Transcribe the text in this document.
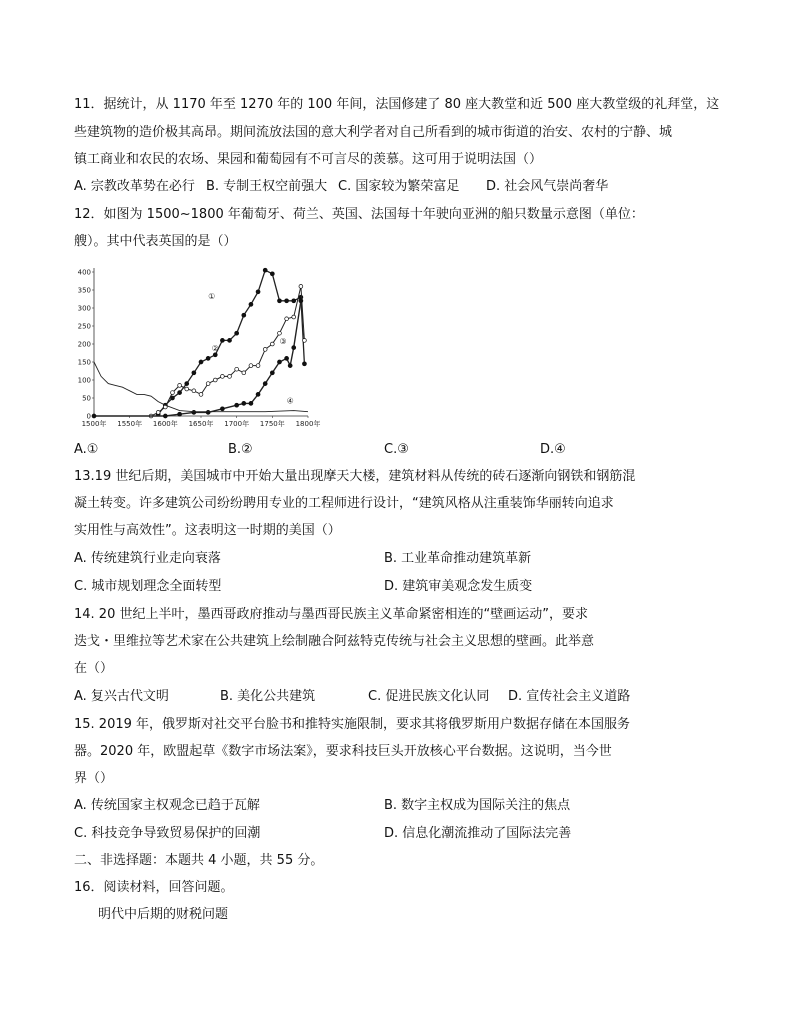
11．据统计，从 1170 年至 1270 年的 100 年间，法国修建了 80 座大教堂和近 500 座大教堂级的礼拜堂，这
些建筑物的造价极其高昂。期间流放法国的意大利学者对自己所看到的城市街道的治安、农村的宁静、城
镇工商业和农民的农场、果园和葡萄园有不可言尽的羡慕。这可用于说明法国（）
A. 宗教改革势在必行 B. 专制王权空前强大 C. 国家较为繁荣富足 D. 社会风气崇尚奢华
12．如图为 1500~1800 年葡萄牙、荷兰、英国、法国每十年驶向亚洲的船只数量示意图（单位：
艘）。其中代表英国的是（）
0
50
100
150
200
250
300
350
400
1500年 1550年 1600年 1650年 1700年 1750年 1800年
①
②
③
④
A.①	B.②	C.③	D.④
13.19 世纪后期，美国城市中开始大量出现摩天大楼，建筑材料从传统的砖石逐渐向钢铁和钢筋混
凝土转变。许多建筑公司纷纷聘用专业的工程师进行设计，“建筑风格从注重装饰华丽转向追求
实用性与高效性”。这表明这一时期的美国（）
A. 传统建筑行业走向衰落	B. 工业革命推动建筑革新
C. 城市规划理念全面转型	D. 建筑审美观念发生质变
14. 20 世纪上半叶，墨西哥政府推动与墨西哥民族主义革命紧密相连的“壁画运动”，要求
迭戈・里维拉等艺术家在公共建筑上绘制融合阿兹特克传统与社会主义思想的壁画。此举意
在（）
A. 复兴古代文明	B. 美化公共建筑	C. 促进民族文化认同 D. 宣传社会主义道路
15. 2019 年，俄罗斯对社交平台脸书和推特实施限制，要求其将俄罗斯用户数据存储在本国服务
器。2020 年，欧盟起草《数字市场法案》，要求科技巨头开放核心平台数据。这说明，当今世
界（）
A. 传统国家主权观念已趋于瓦解	B. 数字主权成为国际关注的焦点
C. 科技竞争导致贸易保护的回潮	D. 信息化潮流推动了国际法完善
二、非选择题：本题共 4 小题，共 55 分。
16．阅读材料，回答问题。
明代中后期的财税问题
